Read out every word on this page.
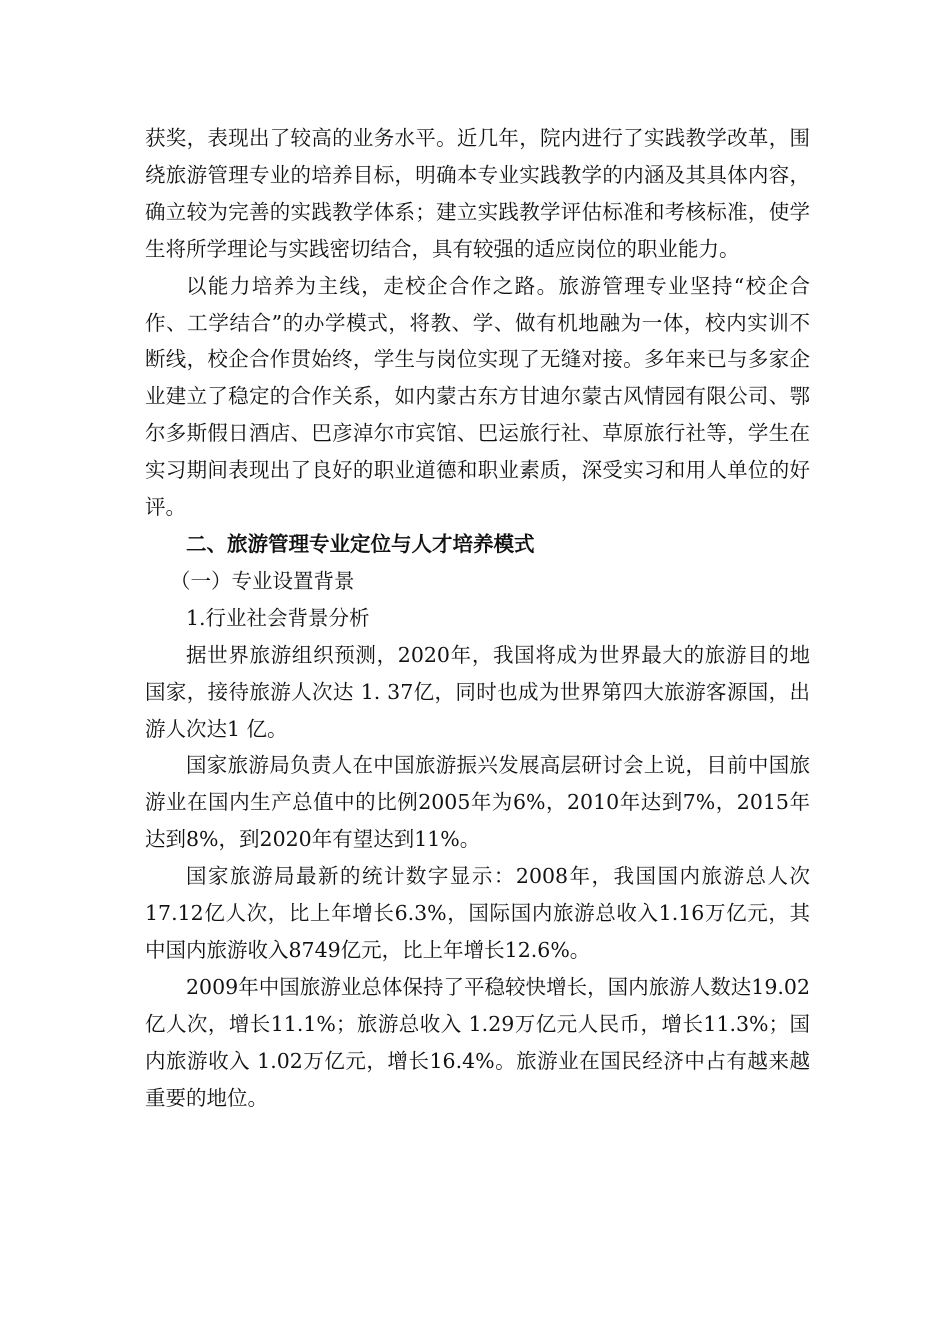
获奖，表现出了较高的业务水平。近几年，院内进行了实践教学改革，围绕旅游管理专业的培养目标，明确本专业实践教学的内涵及其具体内容，确立较为完善的实践教学体系；建立实践教学评估标准和考核标准，使学生将所学理论与实践密切结合，具有较强的适应岗位的职业能力。

以能力培养为主线，走校企合作之路。旅游管理专业坚持“校企合作、工学结合”的办学模式，将教、学、做有机地融为一体，校内实训不断线，校企合作贯始终，学生与岗位实现了无缝对接。多年来已与多家企业建立了稳定的合作关系，如内蒙古东方甘迪尔蒙古风情园有限公司、鄂尔多斯假日酒店、巴彦淖尔市宾馆、巴运旅行社、草原旅行社等，学生在实习期间表现出了良好的职业道德和职业素质，深受实习和用人单位的好评。

二、旅游管理专业定位与人才培养模式

（一）专业设置背景

1.行业社会背景分析

据世界旅游组织预测，2020年，我国将成为世界最大的旅游目的地国家，接待旅游人次达 1. 37亿，同时也成为世界第四大旅游客源国，出游人次达1 亿。

国家旅游局负责人在中国旅游振兴发展高层研讨会上说，目前中国旅游业在国内生产总值中的比例2005年为6%，2010年达到7%，2015年达到8%，到2020年有望达到11%。

国家旅游局最新的统计数字显示：2008年，我国国内旅游总人次17.12亿人次，比上年增长6.3%，国际国内旅游总收入1.16万亿元，其中国内旅游收入8749亿元，比上年增长12.6%。

2009年中国旅游业总体保持了平稳较快增长，国内旅游人数达19.02亿人次，增长11.1%；旅游总收入 1.29万亿元人民币，增长11.3%；国内旅游收入 1.02万亿元，增长16.4%。旅游业在国民经济中占有越来越重要的地位。
